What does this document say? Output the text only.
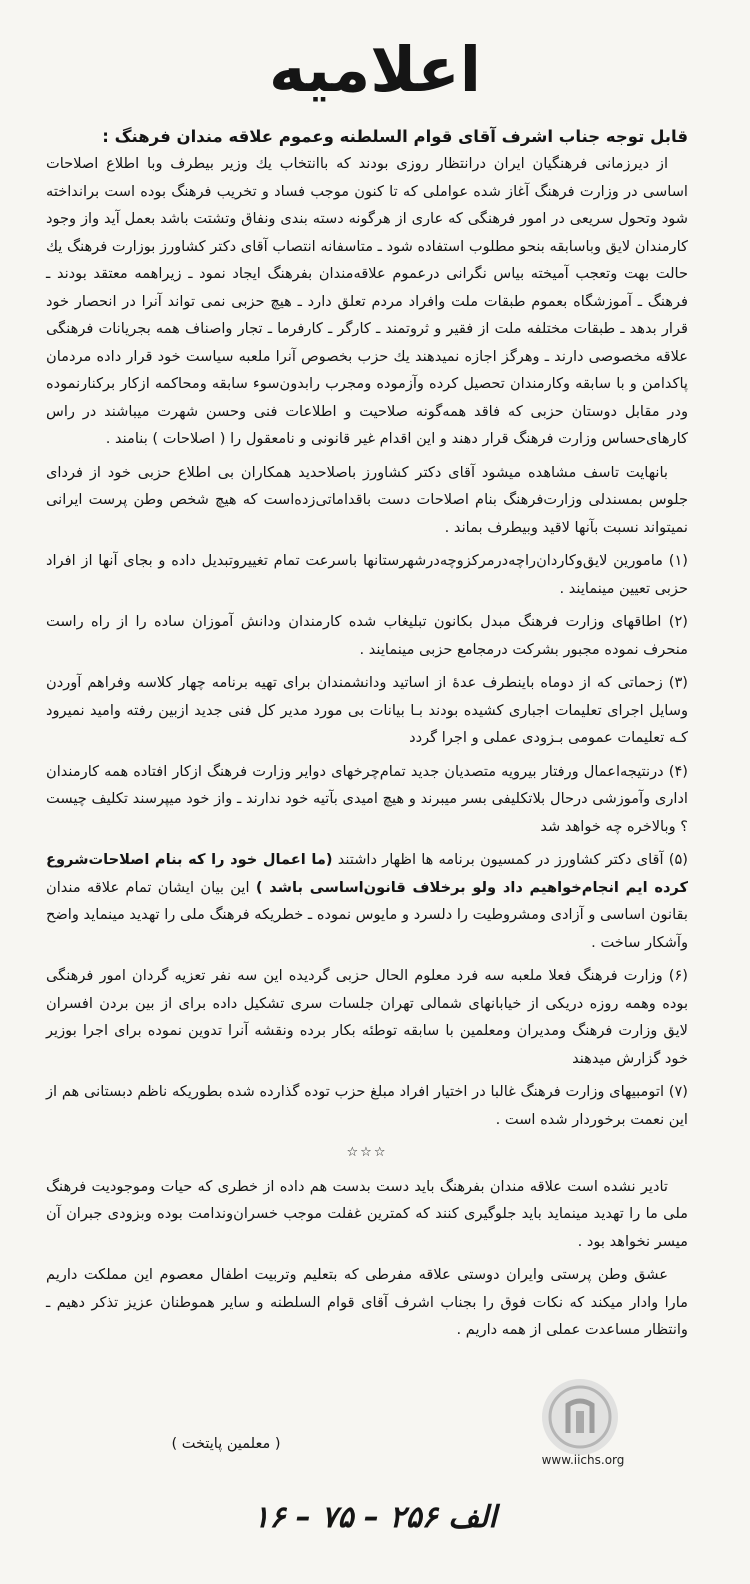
اعلامیه
قابل توجه جناب اشرف آقای قوام السلطنه وعموم علاقه مندان فرهنگ :

از دیرزمانی فرهنگیان ایران درانتظار روزی بودند که باانتخاب یك وزیر بیطرف وبا اطلاع اصلاحات اساسی در وزارت فرهنگ آغاز شده عواملی که تا کنون موجب فساد و تخریب فرهنگ بوده است برانداخته شود وتحول سریعی در امور فرهنگی که عاری از هرگونه دسته بندی ونفاق وتشتت باشد بعمل آید واز وجود کارمندان لایق وباسابقه بنحو مطلوب استفاده شود ـ متاسفانه انتصاب آقای دکتر کشاورز بوزارت فرهنگ یك حالت بهت وتعجب آمیخته بیاس نگرانی درعموم علاقه‌مندان بفرهنگ ایجاد نمود ـ زیراهمه معتقد بودند ـ فرهنگ ـ آموزشگاه بعموم طبقات ملت وافراد مردم تعلق دارد ـ هیچ حزبی نمی تواند آنرا در انحصار خود قرار بدهد ـ طبقات مختلفه ملت از فقیر و ثروتمند ـ کارگر ـ کارفرما ـ تجار واصناف همه بجریانات فرهنگی علاقه مخصوصی دارند ـ وهرگز اجازه نمیدهند یك حزب بخصوص آنرا ملعبه سیاست خود قرار داده مردمان پاکدامن و با سابقه وکارمندان تحصیل کرده وآزموده ومجرب رابدون‌سوء سابقه ومحاکمه ازکار برکنارنموده ودر مقابل دوستان حزبی که فاقد همه‌گونه صلاحیت و اطلاعات فنی وحسن شهرت میباشند در راس کارهای‌حساس وزارت فرهنگ قرار دهند و این اقدام غیر قانونی و نامعقول را ( اصلاحات ) بنامند .

بانهایت تاسف مشاهده میشود آقای دکتر کشاورز باصلاحدید همکاران بی اطلاع حزبی خود از فردای جلوس بمسندلی وزارت‌فرهنگ بنام اصلاحات دست باقداماتی‌زده‌است که هیچ شخص وطن پرست ایرانی نمیتواند نسبت بآنها لاقید وبیطرف بماند .

(۱) مامورین لایق‌وکاردان‌راچه‌درمرکزوچه‌درشهرستانها باسرعت تمام تغییروتبدیل داده و بجای آنها از افراد حزبی تعیین مینمایند .

(۲) اطاقهای وزارت فرهنگ مبدل بکانون تبلیغاب شده کارمندان ودانش آموزان ساده را از راه راست منحرف نموده مجبور بشرکت درمجامع حزبی مینمایند .

(۳) زحماتی که از دوماه باینطرف عدهٔ از اساتید ودانشمندان برای تهیه برنامه چهار کلاسه وفراهم آوردن وسایل اجرای تعلیمات اجباری کشیده بودند بـا بیانات بی مورد مدیر کل فنی جدید ازبین رفته وامید نمیرود کـه تعلیمات عمومی بـزودی عملی و اجرا گردد

(۴) درنتیجه‌اعمال ورفتار بیرویه متصدیان جدید تمام‌چرخهای دوایر وزارت فرهنگ ازکار افتاده همه کارمندان اداری وآموزشی درحال بلاتکلیفی بسر میبرند و هیچ امیدی بآتیه خود ندارند ـ واز خود میپرسند تکلیف چیست ؟ وبالاخره چه خواهد شد

(۵) آقای دکتر کشاورز در کمسیون برنامه ها اظهار داشتند (ما اعمال خود را که بنام اصلاحات‌شروع کرده ایم انجام‌خواهیم داد ولو برخلاف قانون‌اساسی باشد ) این بیان ایشان تمام علاقه مندان بقانون اساسی و آزادی ومشروطیت را دلسرد و مایوس نموده ـ خطریکه فرهنگ ملی را تهدید مینماید واضح وآشکار ساخت .

(۶) وزارت فرهنگ فعلا ملعبه سه فرد معلوم الحال حزبی گردیده این سه نفر تعزیه گردان امور فرهنگی بوده وهمه روزه دریکی از خیابانهای شمالی تهران جلسات سری تشکیل داده برای از بین بردن افسران لایق وزارت فرهنگ ومدیران ومعلمین با سابقه توطئه بکار برده ونقشه آنرا تدوین نموده برای اجرا بوزیر خود گزارش میدهند

(۷) اتومبیهای وزارت فرهنگ غالبا در اختیار افراد مبلغ حزب توده گذارده شده بطوریکه ناظم دبستانی هم از این نعمت برخوردار شده است .

☆☆☆

تادیر نشده است علاقه مندان بفرهنگ باید دست بدست هم داده از خطری که حیات وموجودیت فرهنگ ملی ما را تهدید مینماید باید جلوگیری کنند که کمترین غفلت موجب خسران‌وندامت بوده وبزودی جبران آن میسر نخواهد بود .

عشق وطن پرستی وایران دوستی علاقه مفرطی که بتعلیم وتربیت اطفال معصوم این مملکت داریم مارا وادار میکند که نکات فوق را بجناب اشرف آقای قوام السلطنه و سایر هموطنان عزیز تذکر دهیم ـ وانتظار مساعدت عملی از همه داریم .

( معلمین پایتخت )
www.iichs.org
۱۶ – ۷۵ – ۲۵۶ الف
